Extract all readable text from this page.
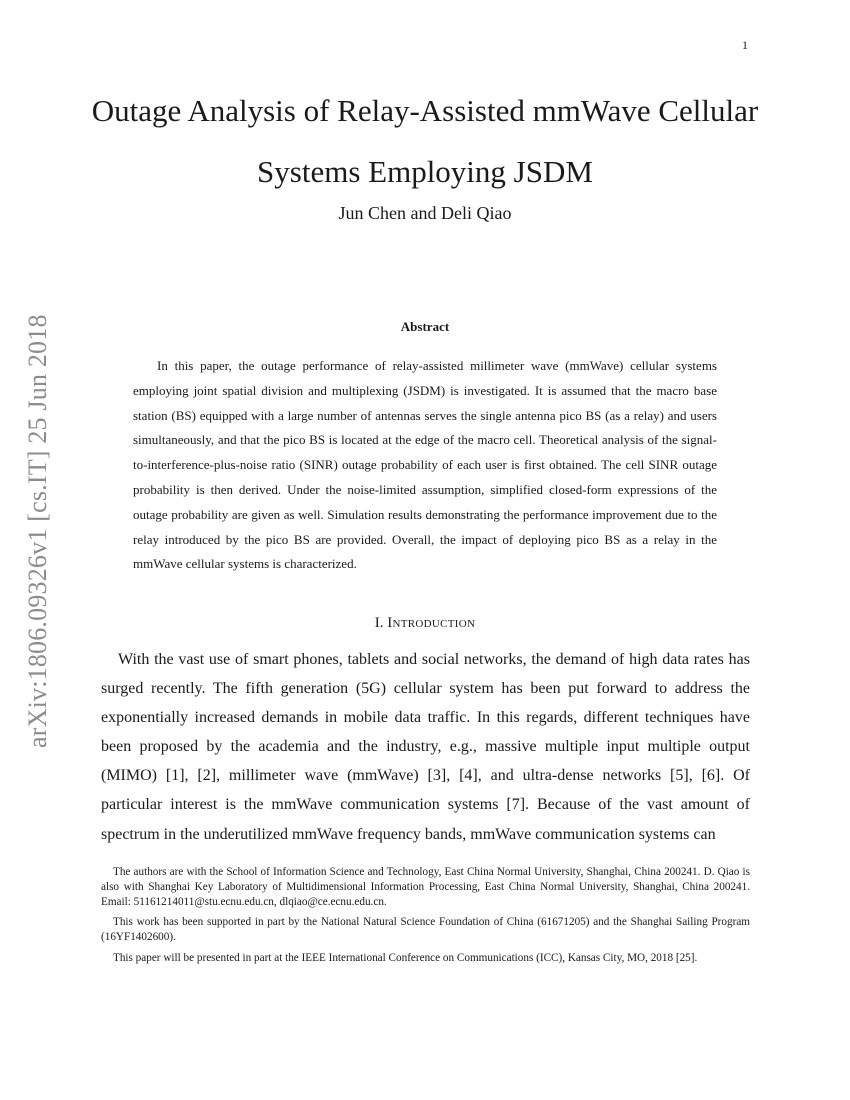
1
arXiv:1806.09326v1 [cs.IT] 25 Jun 2018
Outage Analysis of Relay-Assisted mmWave Cellular Systems Employing JSDM
Jun Chen and Deli Qiao
Abstract

In this paper, the outage performance of relay-assisted millimeter wave (mmWave) cellular systems employing joint spatial division and multiplexing (JSDM) is investigated. It is assumed that the macro base station (BS) equipped with a large number of antennas serves the single antenna pico BS (as a relay) and users simultaneously, and that the pico BS is located at the edge of the macro cell. Theoretical analysis of the signal-to-interference-plus-noise ratio (SINR) outage probability of each user is first obtained. The cell SINR outage probability is then derived. Under the noise-limited assumption, simplified closed-form expressions of the outage probability are given as well. Simulation results demonstrating the performance improvement due to the relay introduced by the pico BS are provided. Overall, the impact of deploying pico BS as a relay in the mmWave cellular systems is characterized.

I. Introduction

With the vast use of smart phones, tablets and social networks, the demand of high data rates has surged recently. The fifth generation (5G) cellular system has been put forward to address the exponentially increased demands in mobile data traffic. In this regards, different techniques have been proposed by the academia and the industry, e.g., massive multiple input multiple output (MIMO) [1], [2], millimeter wave (mmWave) [3], [4], and ultra-dense networks [5], [6]. Of particular interest is the mmWave communication systems [7]. Because of the vast amount of spectrum in the underutilized mmWave frequency bands, mmWave communication systems can

The authors are with the School of Information Science and Technology, East China Normal University, Shanghai, China 200241. D. Qiao is also with Shanghai Key Laboratory of Multidimensional Information Processing, East China Normal University, Shanghai, China 200241. Email: 51161214011@stu.ecnu.edu.cn, dlqiao@ce.ecnu.edu.cn.

This work has been supported in part by the National Natural Science Foundation of China (61671205) and the Shanghai Sailing Program (16YF1402600).

This paper will be presented in part at the IEEE International Conference on Communications (ICC), Kansas City, MO, 2018 [25].
